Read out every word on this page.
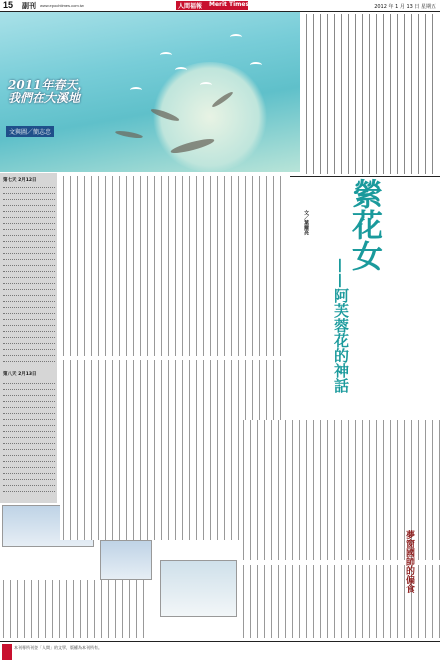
15 副刊 www.epochtimes.com.tw	人間福報 Merit Times	2012 年 1 月 13 日 星期五
2011年春天，
我們在大溪地
文與圖／簡志忠
第七天 2月12日
第八天 2月13日
縈花女
——阿芙蓉花的神話
文／葉爾亮
夢窗國師的偏食
本刊專所刊登「人間」的文學，版權為本刊所有。
